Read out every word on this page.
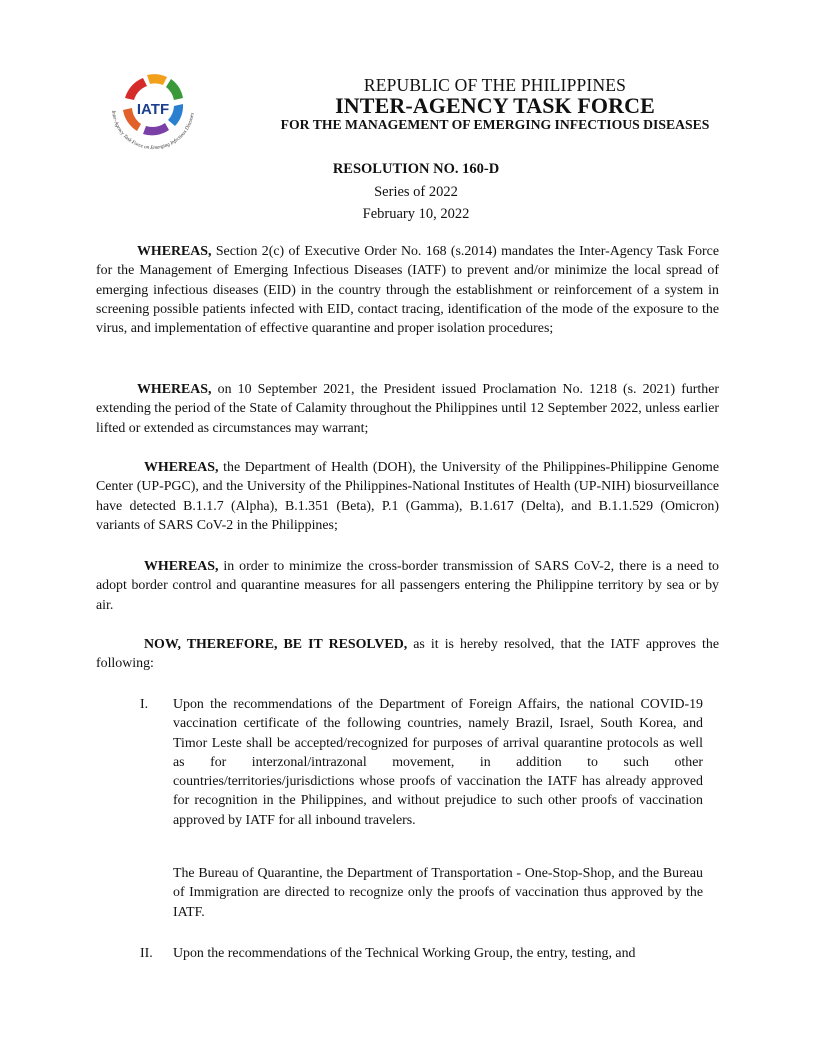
IATF
Inter-Agency Task Force on Emerging Infectious Diseases
REPUBLIC OF THE PHILIPPINES
INTER-AGENCY TASK FORCE
FOR THE MANAGEMENT OF EMERGING INFECTIOUS DISEASES
RESOLUTION NO. 160-D
Series of 2022
February 10, 2022
WHEREAS, Section 2(c) of Executive Order No. 168 (s.2014) mandates the Inter-Agency Task Force for the Management of Emerging Infectious Diseases (IATF) to prevent and/or minimize the local spread of emerging infectious diseases (EID) in the country through the establishment or reinforcement of a system in screening possible patients infected with EID, contact tracing, identification of the mode of the exposure to the virus, and implementation of effective quarantine and proper isolation procedures;
WHEREAS, on 10 September 2021, the President issued Proclamation No. 1218 (s. 2021) further extending the period of the State of Calamity throughout the Philippines until 12 September 2022, unless earlier lifted or extended as circumstances may warrant;
WHEREAS, the Department of Health (DOH), the University of the Philippines-Philippine Genome Center (UP-PGC), and the University of the Philippines-National Institutes of Health (UP-NIH) biosurveillance have detected B.1.1.7 (Alpha), B.1.351 (Beta), P.1 (Gamma), B.1.617 (Delta), and B.1.1.529 (Omicron) variants of SARS CoV-2 in the Philippines;
WHEREAS, in order to minimize the cross-border transmission of SARS CoV-2, there is a need to adopt border control and quarantine measures for all passengers entering the Philippine territory by sea or by air.
NOW, THEREFORE, BE IT RESOLVED, as it is hereby resolved, that the IATF approves the following:
I.	Upon the recommendations of the Department of Foreign Affairs, the national COVID-19 vaccination certificate of the following countries, namely Brazil, Israel, South Korea, and Timor Leste shall be accepted/recognized for purposes of arrival quarantine protocols as well as for interzonal/intrazonal movement, in addition to such other countries/territories/jurisdictions whose proofs of vaccination the IATF has already approved for recognition in the Philippines, and without prejudice to such other proofs of vaccination approved by IATF for all inbound travelers.
The Bureau of Quarantine, the Department of Transportation - One-Stop-Shop, and the Bureau of Immigration are directed to recognize only the proofs of vaccination thus approved by the IATF.
II.	Upon the recommendations of the Technical Working Group, the entry, testing, and
